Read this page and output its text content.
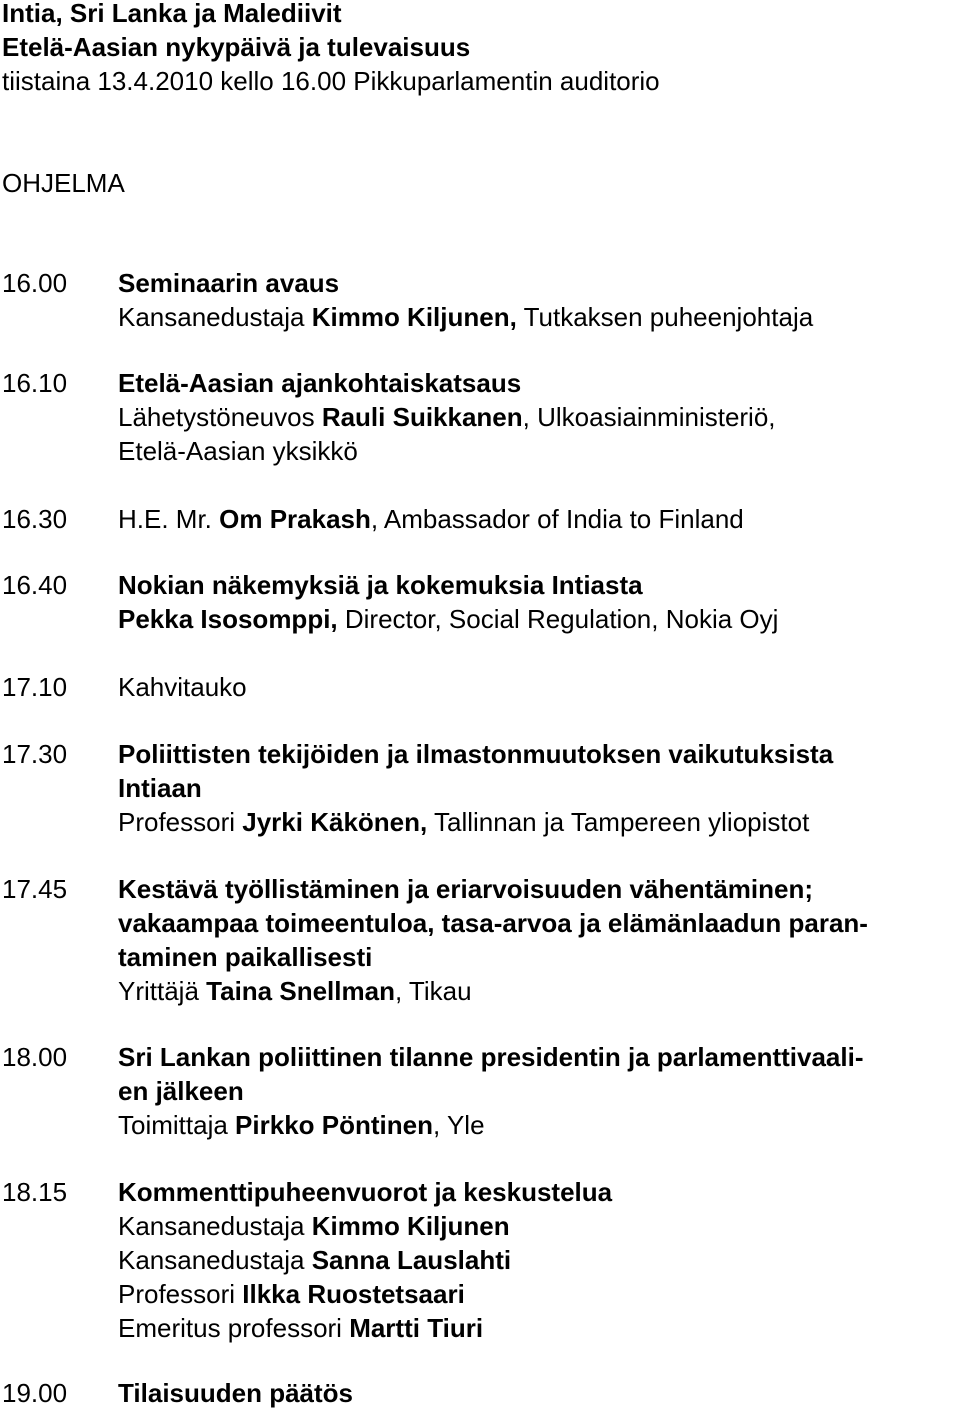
Intia, Sri Lanka ja Malediivit
Etelä-Aasian nykypäivä ja tulevaisuus
tiistaina 13.4.2010 kello 16.00 Pikkuparlamentin auditorio
OHJELMA
16.00	Seminaarin avaus
Kansanedustaja Kimmo Kiljunen, Tutkaksen puheenjohtaja
16.10	Etelä-Aasian ajankohtaiskatsaus
Lähetystöneuvos Rauli Suikkanen, Ulkoasiainministeriö,
Etelä-Aasian yksikkö
16.30	H.E. Mr. Om Prakash, Ambassador of India to Finland
16.40	Nokian näkemyksiä ja kokemuksia Intiasta
Pekka Isosomppi, Director, Social Regulation, Nokia Oyj
17.10	Kahvitauko
17.30	Poliittisten tekijöiden ja ilmastonmuutoksen vaikutuksista
Intiaan
Professori Jyrki Käkönen, Tallinnan ja Tampereen yliopistot
17.45	Kestävä työllistäminen ja eriarvoisuuden vähentäminen;
vakaampaa toimeentuloa, tasa-arvoa ja elämänlaadun paran-
taminen paikallisesti
Yrittäjä Taina Snellman, Tikau
18.00	Sri Lankan poliittinen tilanne presidentin ja parlamenttivaali-
en jälkeen
Toimittaja Pirkko Pöntinen, Yle
18.15	Kommenttipuheenvuorot ja keskustelua
Kansanedustaja Kimmo Kiljunen
Kansanedustaja Sanna Lauslahti
Professori Ilkka Ruostetsaari
Emeritus professori Martti Tiuri
19.00	Tilaisuuden päätös
